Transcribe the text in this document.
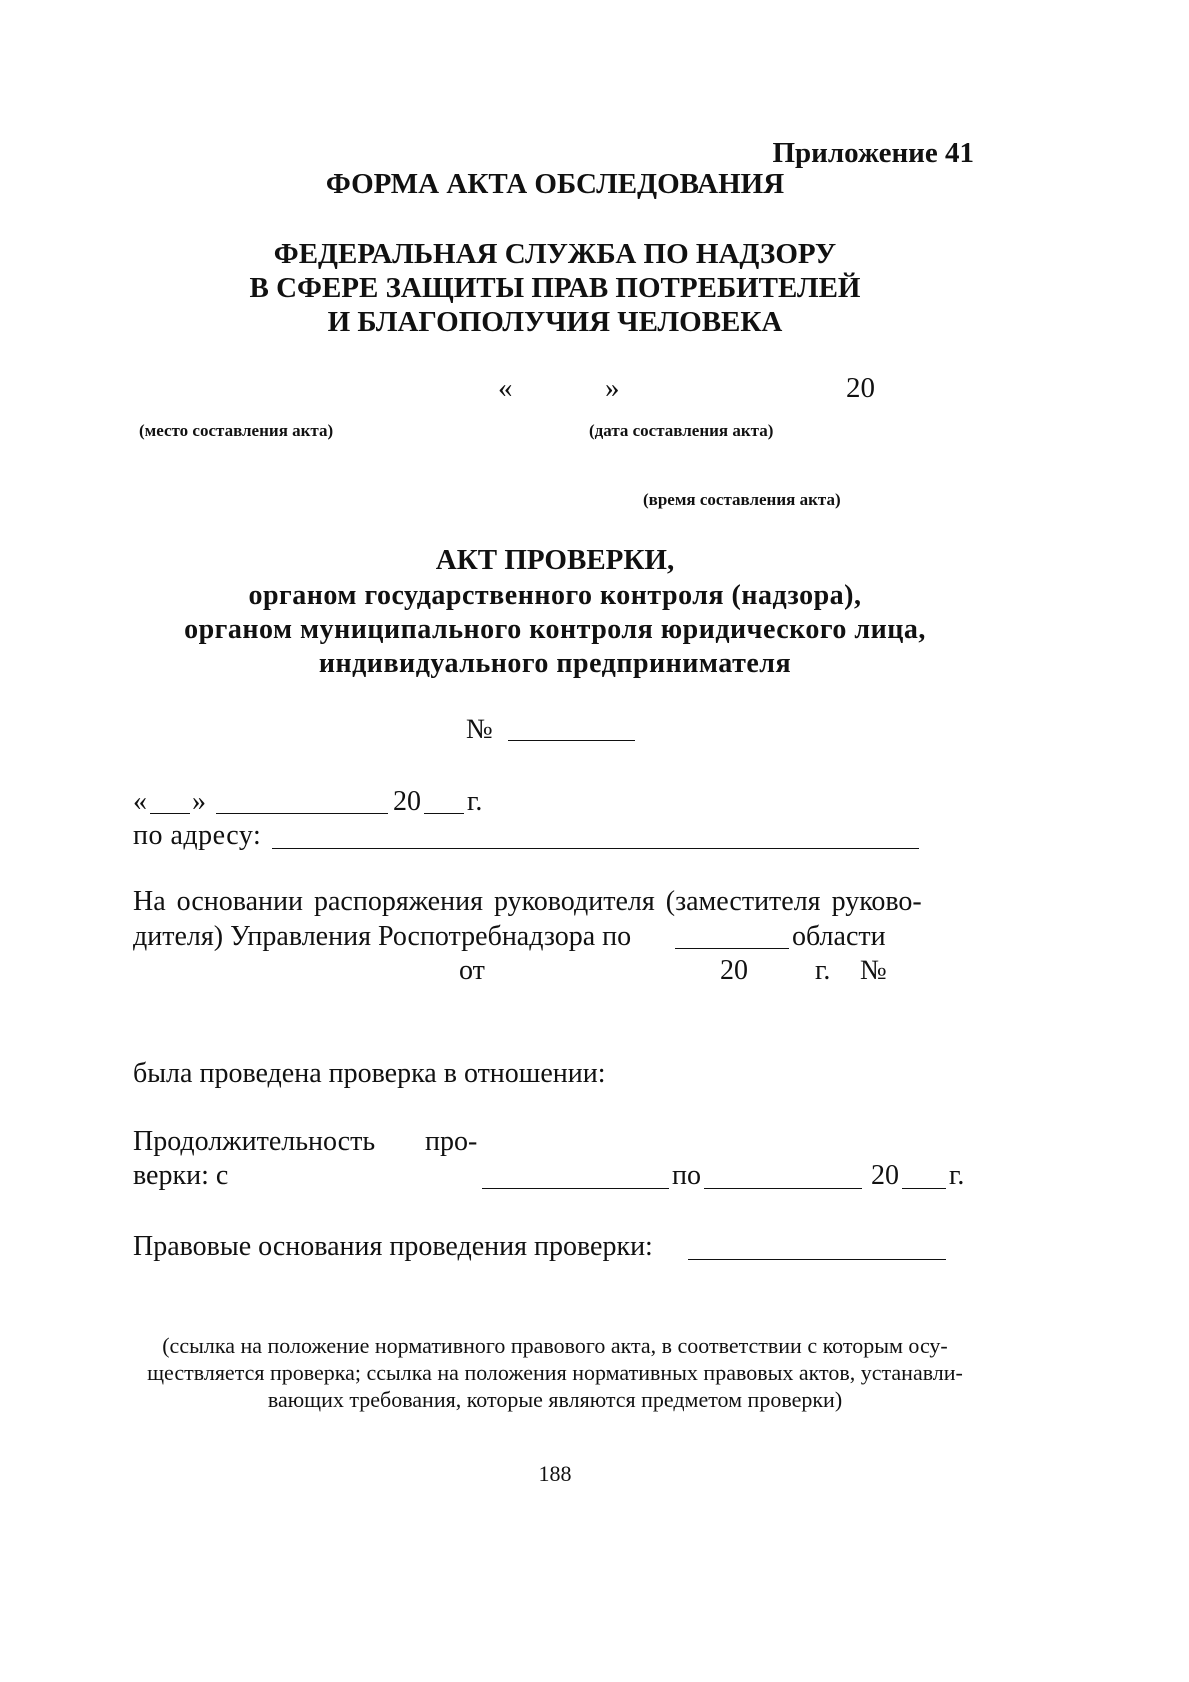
Приложение 41
ФОРМА АКТА ОБСЛЕДОВАНИЯ
ФЕДЕРАЛЬНАЯ СЛУЖБА ПО НАДЗОРУ
В СФЕРЕ ЗАЩИТЫ ПРАВ ПОТРЕБИТЕЛЕЙ
И БЛАГОПОЛУЧИЯ ЧЕЛОВЕКА
«	»	20
(место составления акта)	(дата составления акта)
(время составления акта)
АКТ ПРОВЕРКИ,
органом государственного контроля (надзора),
органом муниципального контроля юридического лица,
индивидуального предпринимателя
№
« »	20 г.
по адресу:
На основании распоряжения руководителя (заместителя руково-
дителя) Управления Роспотребнадзора по	области
от	20 г. №
была проведена проверка в отношении:
Продолжительность про-
верки: с	по	20 г.
Правовые основания проведения проверки:
(ссылка на положение нормативного правового акта, в соответствии с которым осу-
ществляется проверка; ссылка на положения нормативных правовых актов, устанавли-
вающих требования, которые являются предметом проверки)
188
